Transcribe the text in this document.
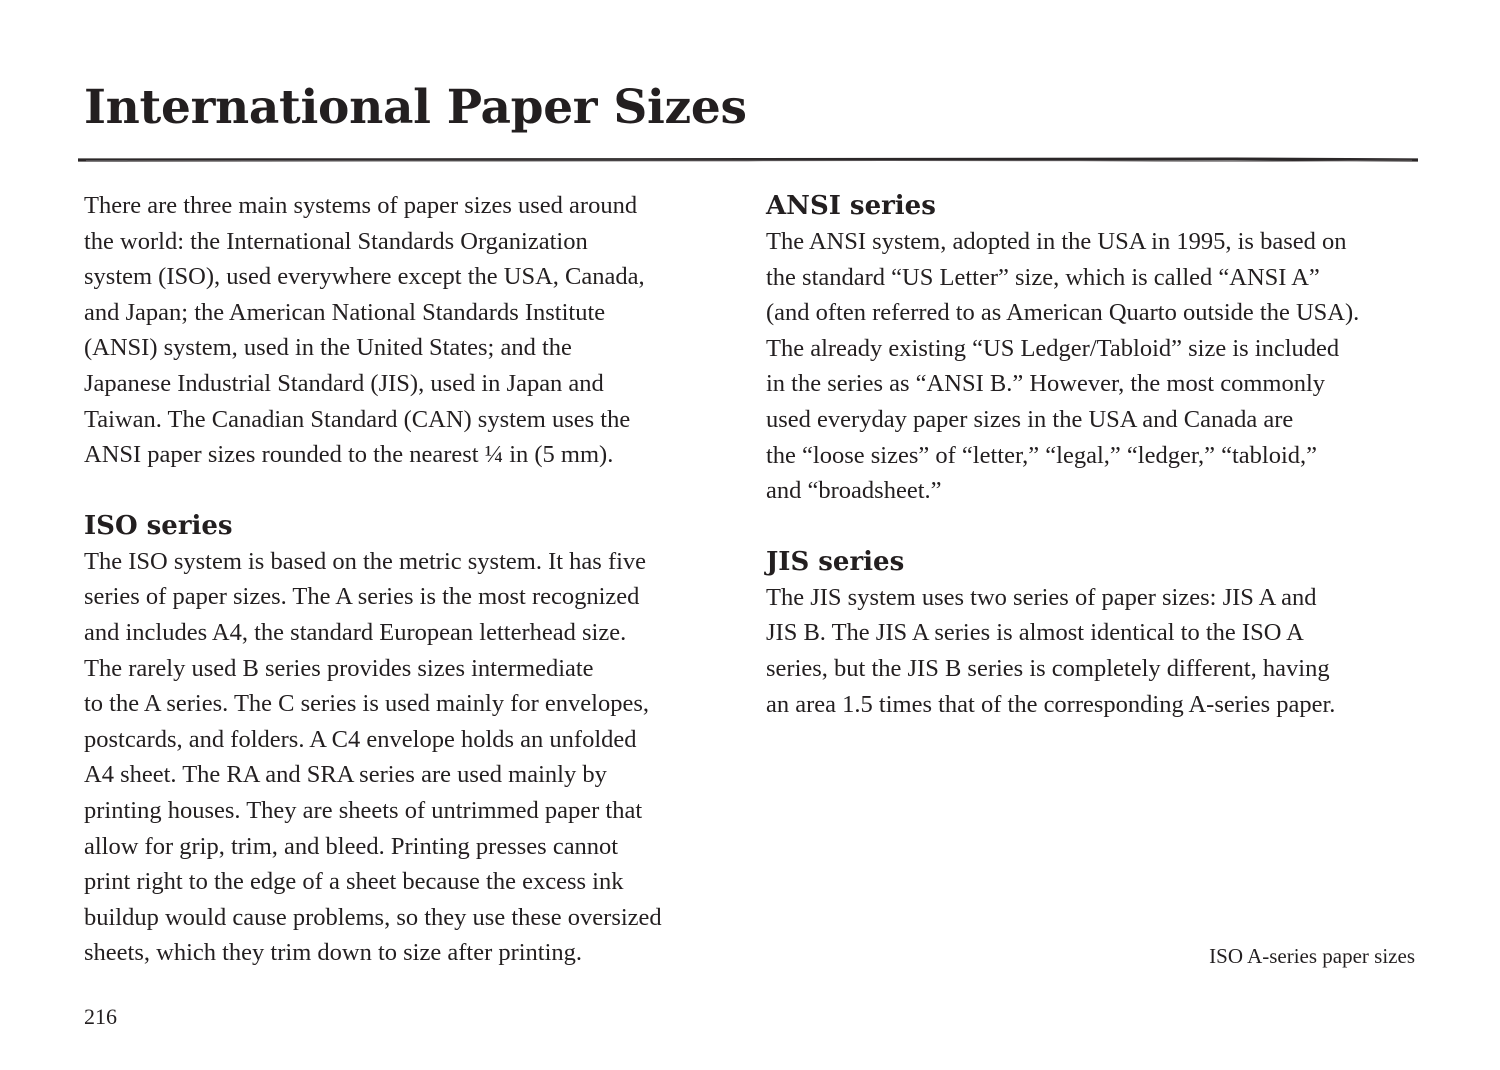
International Paper Sizes

There are three main systems of paper sizes used around
the world: the International Standards Organization
system (ISO), used everywhere except the USA, Canada,
and Japan; the American National Standards Institute
(ANSI) system, used in the United States; and the
Japanese Industrial Standard (JIS), used in Japan and
Taiwan. The Canadian Standard (CAN) system uses the
ANSI paper sizes rounded to the nearest ¼ in (5 mm).

ISO series

The ISO system is based on the metric system. It has five
series of paper sizes. The A series is the most recognized
and includes A4, the standard European letterhead size.
The rarely used B series provides sizes intermediate
to the A series. The C series is used mainly for envelopes,
postcards, and folders. A C4 envelope holds an unfolded
A4 sheet. The RA and SRA series are used mainly by
printing houses. They are sheets of untrimmed paper that
allow for grip, trim, and bleed. Printing presses cannot
print right to the edge of a sheet because the excess ink
buildup would cause problems, so they use these oversized
sheets, which they trim down to size after printing.

ANSI series

The ANSI system, adopted in the USA in 1995, is based on
the standard “US Letter” size, which is called “ANSI A”
(and often referred to as American Quarto outside the USA).
The already existing “US Ledger/Tabloid” size is included
in the series as “ANSI B.” However, the most commonly
used everyday paper sizes in the USA and Canada are
the “loose sizes” of “letter,” “legal,” “ledger,” “tabloid,”
and “broadsheet.”

JIS series

The JIS system uses two series of paper sizes: JIS A and
JIS B. The JIS A series is almost identical to the ISO A
series, but the JIS B series is completely different, having
an area 1.5 times that of the corresponding A-series paper.

ISO A-series paper sizes
216
